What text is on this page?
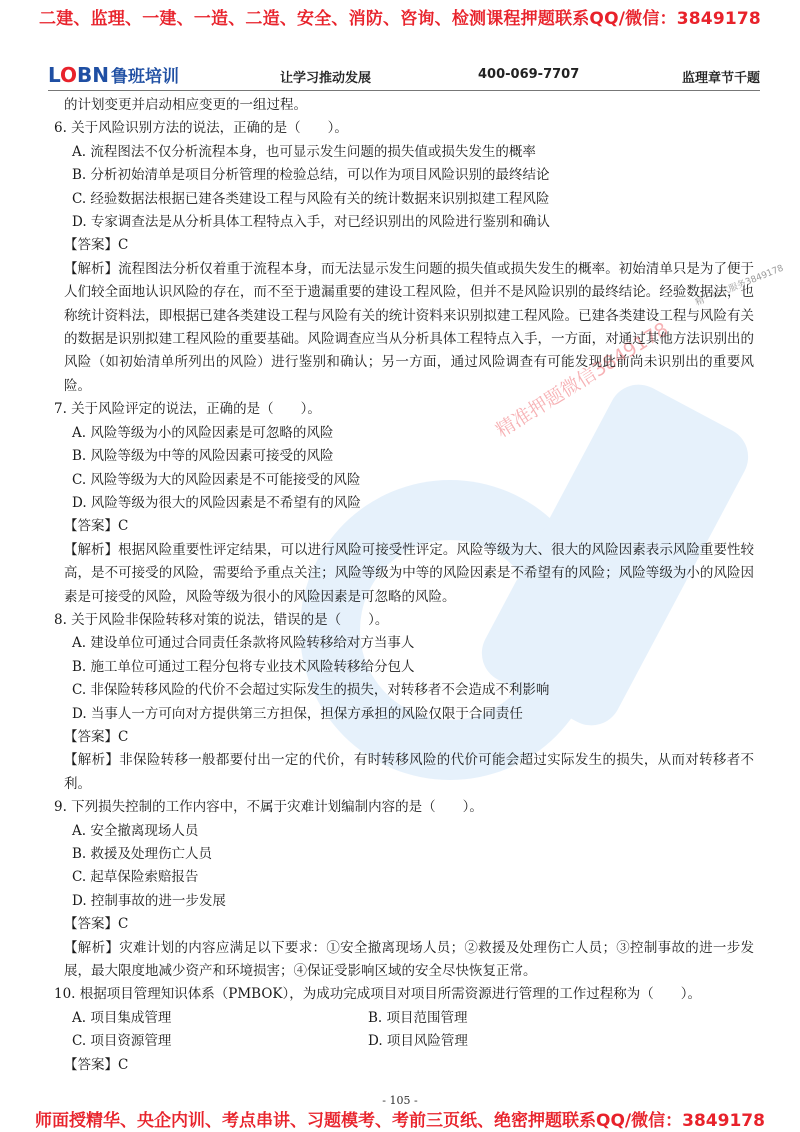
二建、监理、一建、一造、二造、安全、消防、咨询、检测课程押题联系QQ/微信：3849178
LOBN 鲁班培训	让学习推动发展	400-069-7707	监理章节千题
精准押题微信3849178
精一站式服务3849178

的计划变更并启动相应变更的一组过程。

6. 关于风险识别方法的说法，正确的是（　　）。

A. 流程图法不仅分析流程本身，也可显示发生问题的损失值或损失发生的概率

B. 分析初始清单是项目分析管理的检验总结，可以作为项目风险识别的最终结论

C. 经验数据法根据已建各类建设工程与风险有关的统计数据来识别拟建工程风险

D. 专家调查法是从分析具体工程特点入手，对已经识别出的风险进行鉴别和确认

【答案】C

【解析】流程图法分析仅着重于流程本身，而无法显示发生问题的损失值或损失发生的概率。初始清单只是为了便于人们较全面地认识风险的存在，而不至于遗漏重要的建设工程风险，但并不是风险识别的最终结论。经验数据法，也称统计资料法，即根据已建各类建设工程与风险有关的统计资料来识别拟建工程风险。已建各类建设工程与风险有关的数据是识别拟建工程风险的重要基础。风险调查应当从分析具体工程特点入手，一方面，对通过其他方法识别出的风险（如初始清单所列出的风险）进行鉴别和确认；另一方面，通过风险调查有可能发现此前尚未识别出的重要风险。

7. 关于风险评定的说法，正确的是（　　）。

A. 风险等级为小的风险因素是可忽略的风险

B. 风险等级为中等的风险因素可接受的风险

C. 风险等级为大的风险因素是不可能接受的风险

D. 风险等级为很大的风险因素是不希望有的风险

【答案】C

【解析】根据风险重要性评定结果，可以进行风险可接受性评定。风险等级为大、很大的风险因素表示风险重要性较高，是不可接受的风险，需要给予重点关注；风险等级为中等的风险因素是不希望有的风险；风险等级为小的风险因素是可接受的风险，风险等级为很小的风险因素是可忽略的风险。

8. 关于风险非保险转移对策的说法，错误的是（　　）。

A. 建设单位可通过合同责任条款将风险转移给对方当事人

B. 施工单位可通过工程分包将专业技术风险转移给分包人

C. 非保险转移风险的代价不会超过实际发生的损失，对转移者不会造成不利影响

D. 当事人一方可向对方提供第三方担保，担保方承担的风险仅限于合同责任

【答案】C

【解析】非保险转移一般都要付出一定的代价，有时转移风险的代价可能会超过实际发生的损失，从而对转移者不利。

9. 下列损失控制的工作内容中，不属于灾难计划编制内容的是（　　）。

A. 安全撤离现场人员

B. 救援及处理伤亡人员

C. 起草保险索赔报告

D. 控制事故的进一步发展

【答案】C

【解析】灾难计划的内容应满足以下要求：①安全撤离现场人员；②救援及处理伤亡人员；③控制事故的进一步发展，最大限度地减少资产和环境损害；④保证受影响区域的安全尽快恢复正常。

10. 根据项目管理知识体系（PMBOK），为成功完成项目对项目所需资源进行管理的工作过程称为（　　）。

A. 项目集成管理	B. 项目范围管理
C. 项目资源管理	D. 项目风险管理

【答案】C

- 105 -
师面授精华、央企内训、考点串讲、习题模考、考前三页纸、绝密押题联系QQ/微信：3849178
